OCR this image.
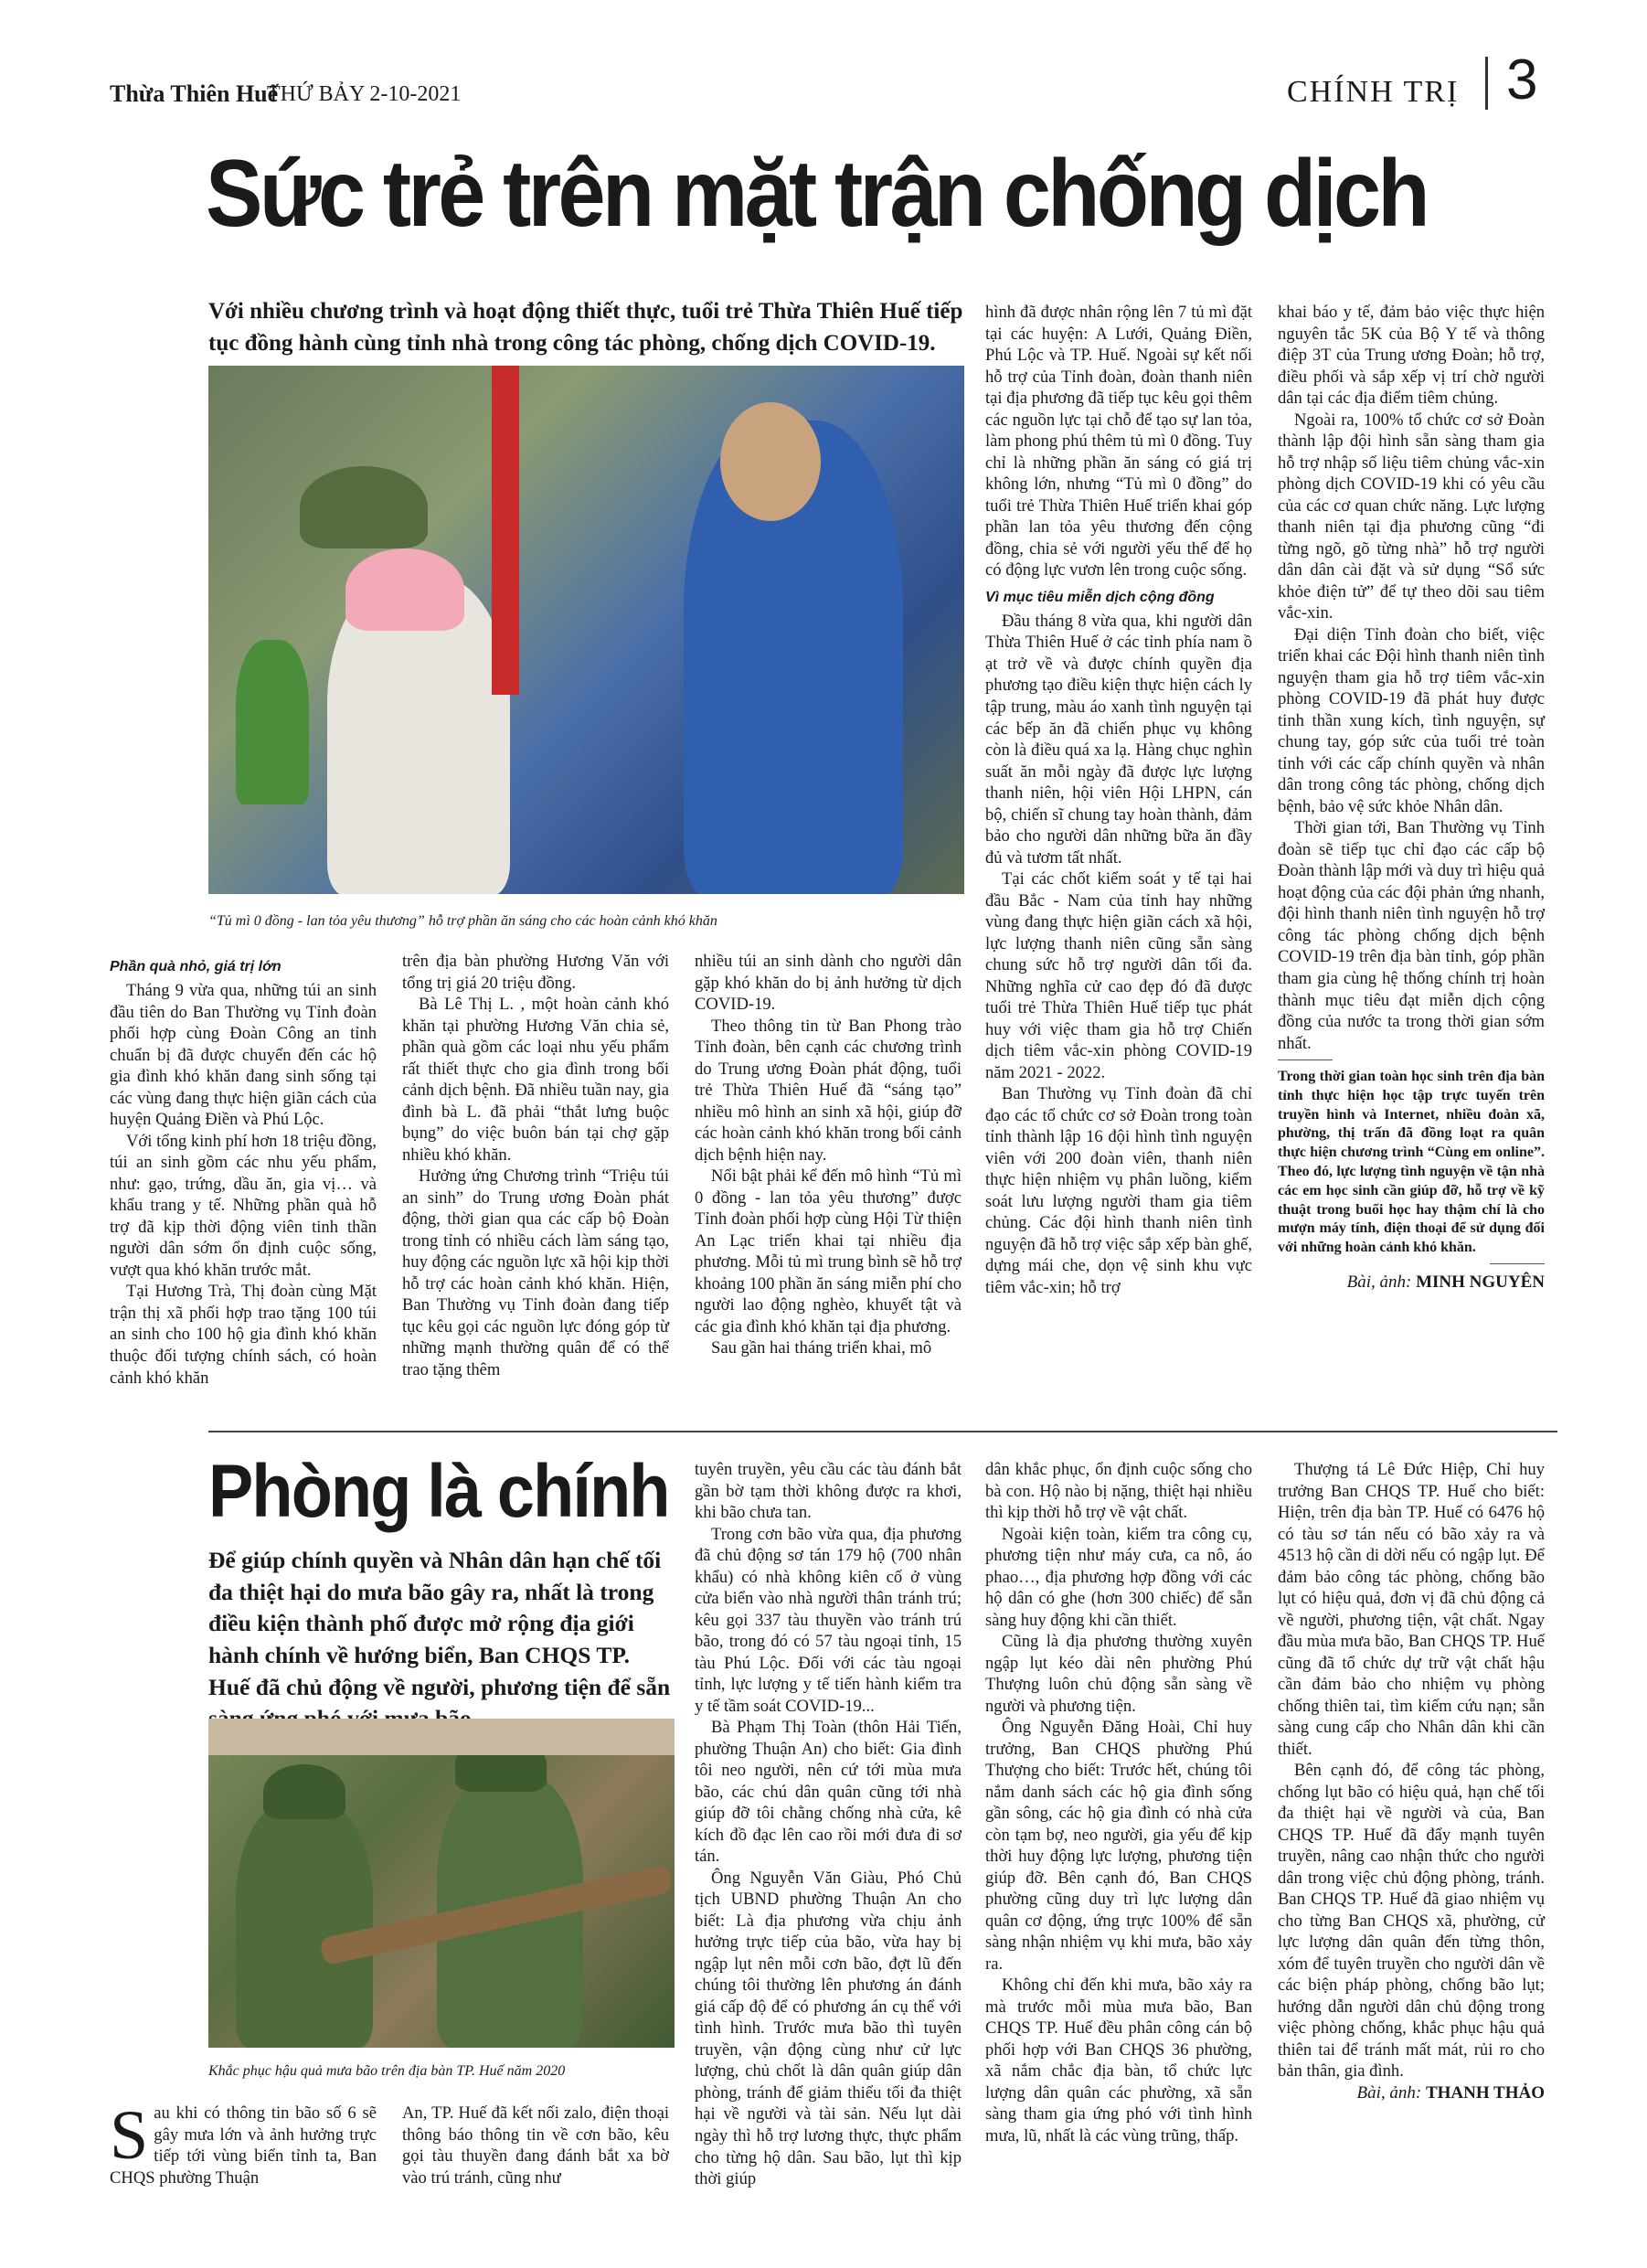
Thừa Thiên Huế
THỨ BẢY 2-10-2021	CHÍNH TRỊ 3
Sức trẻ trên mặt trận chống dịch
Với nhiều chương trình và hoạt động thiết thực, tuổi trẻ Thừa Thiên Huế tiếp tục đồng hành cùng tỉnh nhà trong công tác phòng, chống dịch COVID-19.
“Tủ mì 0 đồng - lan tỏa yêu thương” hỗ trợ phần ăn sáng cho các hoàn cảnh khó khăn
Phần quà nhỏ, giá trị lớn

Tháng 9 vừa qua, những túi an sinh đầu tiên do Ban Thường vụ Tỉnh đoàn phối hợp cùng Đoàn Công an tỉnh chuẩn bị đã được chuyển đến các hộ gia đình khó khăn đang sinh sống tại các vùng đang thực hiện giãn cách của huyện Quảng Điền và Phú Lộc.

Với tổng kinh phí hơn 18 triệu đồng, túi an sinh gồm các nhu yếu phẩm, như: gạo, trứng, dầu ăn, gia vị… và khẩu trang y tế. Những phần quà hỗ trợ đã kịp thời động viên tinh thần người dân sớm ổn định cuộc sống, vượt qua khó khăn trước mắt.

Tại Hương Trà, Thị đoàn cùng Mặt trận thị xã phối hợp trao tặng 100 túi an sinh cho 100 hộ gia đình khó khăn thuộc đối tượng chính sách, có hoàn cảnh khó khăn

trên địa bàn phường Hương Văn với tổng trị giá 20 triệu đồng.

Bà Lê Thị L. , một hoàn cảnh khó khăn tại phường Hương Văn chia sẻ, phần quà gồm các loại nhu yếu phẩm rất thiết thực cho gia đình trong bối cảnh dịch bệnh. Đã nhiều tuần nay, gia đình bà L. đã phải “thắt lưng buộc bụng” do việc buôn bán tại chợ gặp nhiều khó khăn.

Hưởng ứng Chương trình “Triệu túi an sinh” do Trung ương Đoàn phát động, thời gian qua các cấp bộ Đoàn trong tỉnh có nhiều cách làm sáng tạo, huy động các nguồn lực xã hội kịp thời hỗ trợ các hoàn cảnh khó khăn. Hiện, Ban Thường vụ Tỉnh đoàn đang tiếp tục kêu gọi các nguồn lực đóng góp từ những mạnh thường quân để có thể trao tặng thêm

nhiều túi an sinh dành cho người dân gặp khó khăn do bị ảnh hưởng từ dịch COVID-19.

Theo thông tin từ Ban Phong trào Tỉnh đoàn, bên cạnh các chương trình do Trung ương Đoàn phát động, tuổi trẻ Thừa Thiên Huế đã “sáng tạo” nhiều mô hình an sinh xã hội, giúp đỡ các hoàn cảnh khó khăn trong bối cảnh dịch bệnh hiện nay.

Nổi bật phải kể đến mô hình “Tủ mì 0 đồng - lan tỏa yêu thương” được Tỉnh đoàn phối hợp cùng Hội Từ thiện An Lạc triển khai tại nhiều địa phương. Mỗi tủ mì trung bình sẽ hỗ trợ khoảng 100 phần ăn sáng miễn phí cho người lao động nghèo, khuyết tật và các gia đình khó khăn tại địa phương.

Sau gần hai tháng triển khai, mô

hình đã được nhân rộng lên 7 tủ mì đặt tại các huyện: A Lưới, Quảng Điền, Phú Lộc và TP. Huế. Ngoài sự kết nối hỗ trợ của Tỉnh đoàn, đoàn thanh niên tại địa phương đã tiếp tục kêu gọi thêm các nguồn lực tại chỗ để tạo sự lan tỏa, làm phong phú thêm tủ mì 0 đồng. Tuy chỉ là những phần ăn sáng có giá trị không lớn, nhưng “Tủ mì 0 đồng” do tuổi trẻ Thừa Thiên Huế triển khai góp phần lan tỏa yêu thương đến cộng đồng, chia sẻ với người yếu thế để họ có động lực vươn lên trong cuộc sống.

Vì mục tiêu miễn dịch cộng đồng

Đầu tháng 8 vừa qua, khi người dân Thừa Thiên Huế ở các tỉnh phía nam ồ ạt trở về và được chính quyền địa phương tạo điều kiện thực hiện cách ly tập trung, màu áo xanh tình nguyện tại các bếp ăn đã chiến phục vụ không còn là điều quá xa lạ. Hàng chục nghìn suất ăn mỗi ngày đã được lực lượng thanh niên, hội viên Hội LHPN, cán bộ, chiến sĩ chung tay hoàn thành, đảm bảo cho người dân những bữa ăn đầy đủ và tươm tất nhất.

Tại các chốt kiểm soát y tế tại hai đầu Bắc - Nam của tỉnh hay những vùng đang thực hiện giãn cách xã hội, lực lượng thanh niên cũng sẵn sàng chung sức hỗ trợ người dân tối đa. Những nghĩa cử cao đẹp đó đã được tuổi trẻ Thừa Thiên Huế tiếp tục phát huy với việc tham gia hỗ trợ Chiến dịch tiêm vắc-xin phòng COVID-19 năm 2021 - 2022.

Ban Thường vụ Tỉnh đoàn đã chỉ đạo các tổ chức cơ sở Đoàn trong toàn tỉnh thành lập 16 đội hình tình nguyện viên với 200 đoàn viên, thanh niên thực hiện nhiệm vụ phân luồng, kiểm soát lưu lượng người tham gia tiêm chủng. Các đội hình thanh niên tình nguyện đã hỗ trợ việc sắp xếp bàn ghế, dựng mái che, dọn vệ sinh khu vực tiêm vắc-xin; hỗ trợ

khai báo y tế, đảm bảo việc thực hiện nguyên tắc 5K của Bộ Y tế và thông điệp 3T của Trung ương Đoàn; hỗ trợ, điều phối và sắp xếp vị trí chờ người dân tại các địa điểm tiêm chủng.

Ngoài ra, 100% tổ chức cơ sở Đoàn thành lập đội hình sẵn sàng tham gia hỗ trợ nhập số liệu tiêm chủng vắc-xin phòng dịch COVID-19 khi có yêu cầu của các cơ quan chức năng. Lực lượng thanh niên tại địa phương cũng “đi từng ngõ, gõ từng nhà” hỗ trợ người dân dân cài đặt và sử dụng “Sổ sức khỏe điện tử” để tự theo dõi sau tiêm vắc-xin.

Đại diện Tỉnh đoàn cho biết, việc triển khai các Đội hình thanh niên tình nguyện tham gia hỗ trợ tiêm vắc-xin phòng COVID-19 đã phát huy được tinh thần xung kích, tình nguyện, sự chung tay, góp sức của tuổi trẻ toàn tỉnh với các cấp chính quyền và nhân dân trong công tác phòng, chống dịch bệnh, bảo vệ sức khỏe Nhân dân.

Thời gian tới, Ban Thường vụ Tỉnh đoàn sẽ tiếp tục chỉ đạo các cấp bộ Đoàn thành lập mới và duy trì hiệu quả hoạt động của các đội phản ứng nhanh, đội hình thanh niên tình nguyện hỗ trợ công tác phòng chống dịch bệnh COVID-19 trên địa bàn tỉnh, góp phần tham gia cùng hệ thống chính trị hoàn thành mục tiêu đạt miễn dịch cộng đồng của nước ta trong thời gian sớm nhất.

Trong thời gian toàn học sinh trên địa bàn tỉnh thực hiện học tập trực tuyến trên truyền hình và Internet, nhiều đoàn xã, phường, thị trấn đã đồng loạt ra quân thực hiện chương trình “Cùng em online”. Theo đó, lực lượng tình nguyện về tận nhà các em học sinh cần giúp đỡ, hỗ trợ về kỹ thuật trong buổi học hay thậm chí là cho mượn máy tính, điện thoại để sử dụng đối với những hoàn cảnh khó khăn.
Bài, ảnh: MINH NGUYÊN
Phòng là chính
Để giúp chính quyền và Nhân dân hạn chế tối đa thiệt hại do mưa bão gây ra, nhất là trong điều kiện thành phố được mở rộng địa giới hành chính về hướng biển, Ban CHQS TP. Huế đã chủ động về người, phương tiện để sẵn
Khắc phục hậu quả mưa bão trên địa bàn TP. Huế năm 2020
S au khi có thông tin bão số 6 sẽ gây mưa lớn và ảnh hưởng trực tiếp tới vùng biển tỉnh ta, Ban CHQS phường Thuận

An, TP. Huế đã kết nối zalo, điện thoại thông báo thông tin về cơn bão, kêu gọi tàu thuyền đang đánh bắt xa bờ vào trú tránh, cũng như

tuyên truyền, yêu cầu các tàu đánh bắt gần bờ tạm thời không được ra khơi, khi bão chưa tan.

Trong cơn bão vừa qua, địa phương đã chủ động sơ tán 179 hộ (700 nhân khẩu) có nhà không kiên cố ở vùng cửa biển vào nhà người thân tránh trú; kêu gọi 337 tàu thuyền vào tránh trú bão, trong đó có 57 tàu ngoại tỉnh, 15 tàu Phú Lộc. Đối với các tàu ngoại tỉnh, lực lượng y tế tiến hành kiểm tra y tế tầm soát COVID-19...

Bà Phạm Thị Toàn (thôn Hải Tiến, phường Thuận An) cho biết: Gia đình tôi neo người, nên cứ tới mùa mưa bão, các chú dân quân cũng tới nhà giúp đỡ tôi chằng chống nhà cửa, kê kích đồ đạc lên cao rồi mới đưa đi sơ tán.

Ông Nguyễn Văn Giàu, Phó Chủ tịch UBND phường Thuận An cho biết: Là địa phương vừa chịu ảnh hưởng trực tiếp của bão, vừa hay bị ngập lụt nên mỗi cơn bão, đợt lũ đến chúng tôi thường lên phương án đánh giá cấp độ để có phương án cụ thể với tình hình. Trước mưa bão thì tuyên truyền, vận động cùng như cử lực lượng, chủ chốt là dân quân giúp dân phòng, tránh để giảm thiểu tối đa thiệt hại về người và tài sản. Nếu lụt dài ngày thì hỗ trợ lương thực, thực phẩm cho từng hộ dân. Sau bão, lụt thì kịp thời giúp

dân khắc phục, ổn định cuộc sống cho bà con. Hộ nào bị nặng, thiệt hại nhiều thì kịp thời hỗ trợ về vật chất.

Ngoài kiện toàn, kiểm tra công cụ, phương tiện như máy cưa, ca nô, áo phao…, địa phương hợp đồng với các hộ dân có ghe (hơn 300 chiếc) để sẵn sàng huy động khi cần thiết.

Cũng là địa phương thường xuyên ngập lụt kéo dài nên phường Phú Thượng luôn chủ động sẵn sàng về người và phương tiện.

Ông Nguyễn Đăng Hoài, Chỉ huy trưởng, Ban CHQS phường Phú Thượng cho biết: Trước hết, chúng tôi nắm danh sách các hộ gia đình sống gần sông, các hộ gia đình có nhà cửa còn tạm bợ, neo người, gia yếu để kịp thời huy động lực lượng, phương tiện giúp đỡ. Bên cạnh đó, Ban CHQS phường cũng duy trì lực lượng dân quân cơ động, ứng trực 100% để sẵn sàng nhận nhiệm vụ khi mưa, bão xảy ra.

Không chỉ đến khi mưa, bão xảy ra mà trước mỗi mùa mưa bão, Ban CHQS TP. Huế đều phân công cán bộ phối hợp với Ban CHQS 36 phường, xã nắm chắc địa bàn, tổ chức lực lượng dân quân các phường, xã sẵn sàng tham gia ứng phó với tình hình mưa, lũ, nhất là các vùng trũng, thấp.

Thượng tá Lê Đức Hiệp, Chỉ huy trưởng Ban CHQS TP. Huế cho biết: Hiện, trên địa bàn TP. Huế có 6476 hộ có tàu sơ tán nếu có bão xảy ra và 4513 hộ cần di dời nếu có ngập lụt. Để đảm bảo công tác phòng, chống bão lụt có hiệu quả, đơn vị đã chủ động cả về người, phương tiện, vật chất. Ngay đầu mùa mưa bão, Ban CHQS TP. Huế cũng đã tổ chức dự trữ vật chất hậu cần đảm bảo cho nhiệm vụ phòng chống thiên tai, tìm kiếm cứu nạn; sẵn sàng cung cấp cho Nhân dân khi cần thiết.

Bên cạnh đó, để công tác phòng, chống lụt bão có hiệu quả, hạn chế tối đa thiệt hại về người và của, Ban CHQS TP. Huế đã đẩy mạnh tuyên truyền, nâng cao nhận thức cho người dân trong việc chủ động phòng, tránh. Ban CHQS TP. Huế đã giao nhiệm vụ cho từng Ban CHQS xã, phường, cử lực lượng dân quân đến từng thôn, xóm để tuyên truyền cho người dân về các biện pháp phòng, chống bão lụt; hướng dẫn người dân chủ động trong việc phòng chống, khắc phục hậu quả thiên tai để tránh mất mát, rủi ro cho bản thân, gia đình.

Bài, ảnh: THANH THẢO
